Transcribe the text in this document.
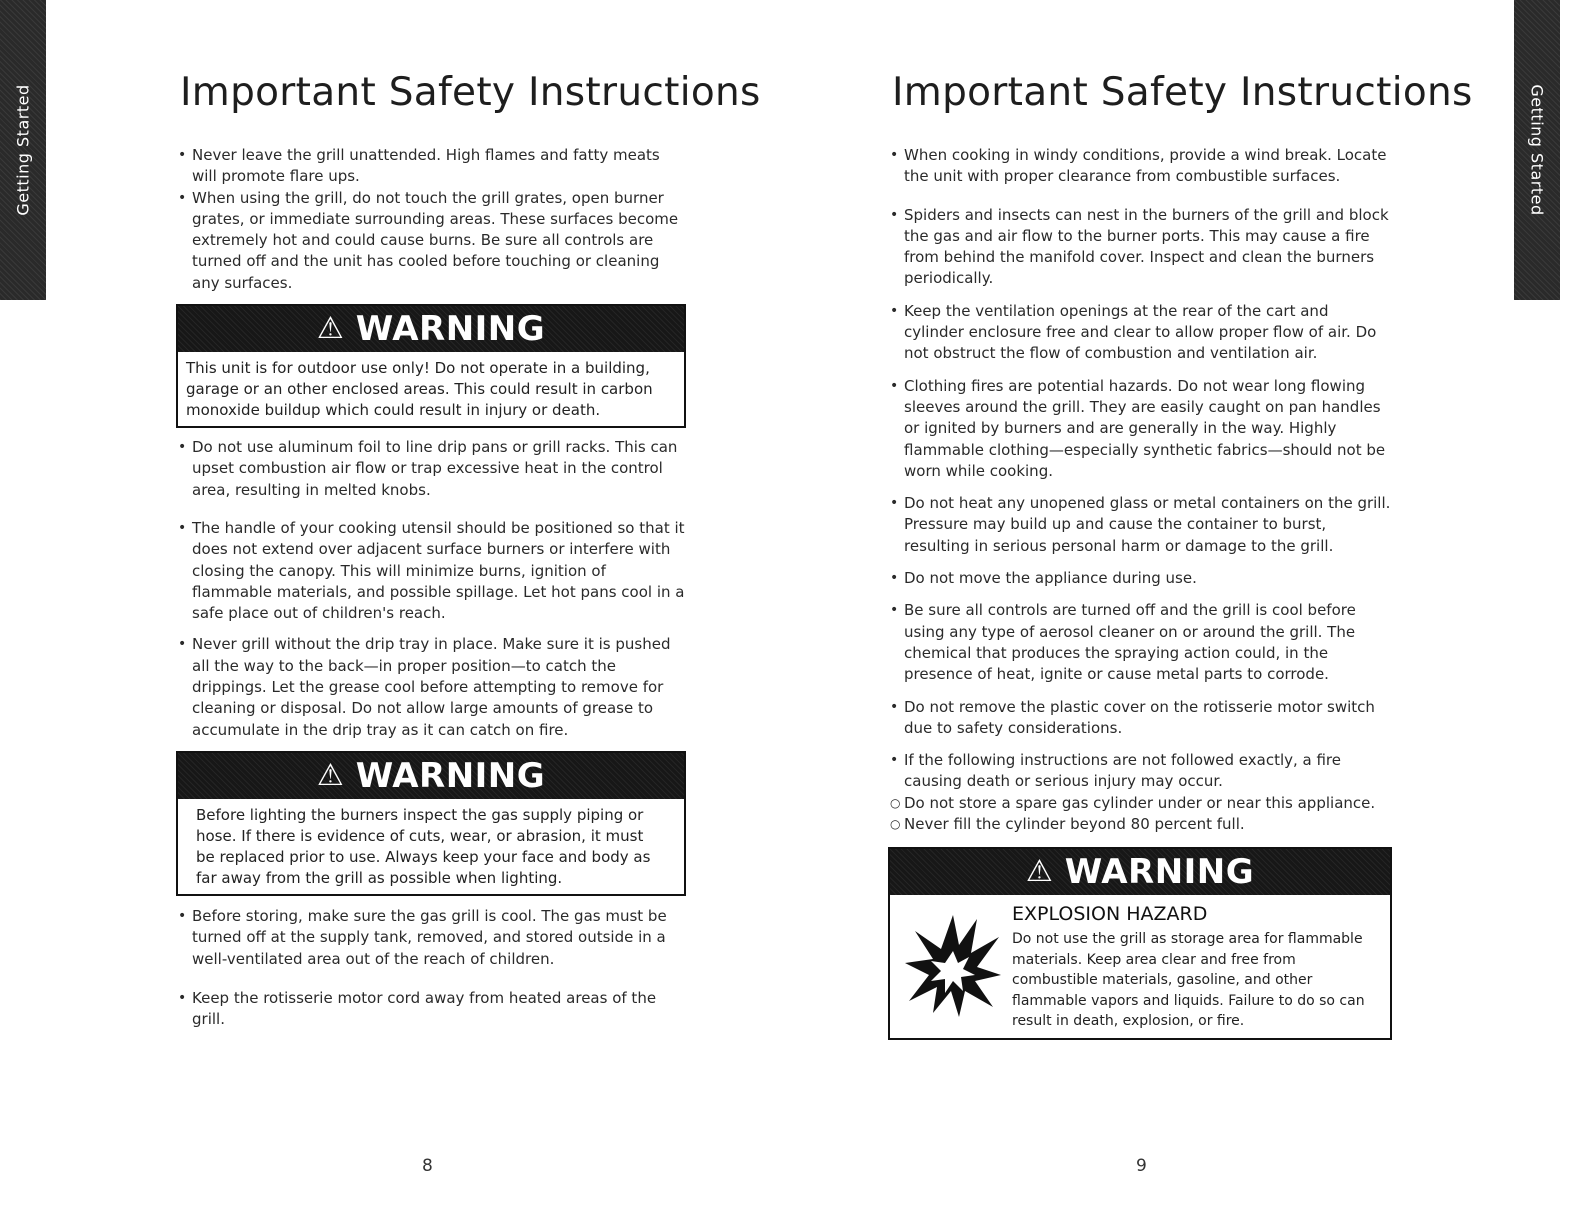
Getting Started	Important Safety Instructions
• Never leave the grill unattended. High flames and fatty meats will promote flare ups.
• When using the grill, do not touch the grill grates, open burner grates, or immediate surrounding areas. These surfaces become extremely hot and could cause burns. Be sure all controls are turned off and the unit has cooled before touching or cleaning any surfaces.
⚠ WARNING
This unit is for outdoor use only! Do not operate in a building, garage or an other enclosed areas. This could result in carbon monoxide buildup which could result in injury or death.
• Do not use aluminum foil to line drip pans or grill racks. This can upset combustion air flow or trap excessive heat in the control area, resulting in melted knobs.
• The handle of your cooking utensil should be positioned so that it does not extend over adjacent surface burners or interfere with closing the canopy. This will minimize burns, ignition of flammable materials, and possible spillage. Let hot pans cool in a safe place out of children's reach.
• Never grill without the drip tray in place. Make sure it is pushed all the way to the back—in proper position—to catch the drippings. Let the grease cool before attempting to remove for cleaning or disposal. Do not allow large amounts of grease to accumulate in the drip tray as it can catch on fire.
⚠ WARNING
Before lighting the burners inspect the gas supply piping or hose. If there is evidence of cuts, wear, or abrasion, it must be replaced prior to use. Always keep your face and body as far away from the grill as possible when lighting.
• Before storing, make sure the gas grill is cool. The gas must be turned off at the supply tank, removed, and stored outside in a well-ventilated area out of the reach of children.
• Keep the rotisserie motor cord away from heated areas of the grill.
8
Getting Started
Important Safety Instructions
• When cooking in windy conditions, provide a wind break. Locate the unit with proper clearance from combustible surfaces.
• Spiders and insects can nest in the burners of the grill and block the gas and air flow to the burner ports. This may cause a fire from behind the manifold cover. Inspect and clean the burners periodically.
• Keep the ventilation openings at the rear of the cart and cylinder enclosure free and clear to allow proper flow of air. Do not obstruct the flow of combustion and ventilation air.
• Clothing fires are potential hazards. Do not wear long flowing sleeves around the grill. They are easily caught on pan handles or ignited by burners and are generally in the way. Highly flammable clothing—especially synthetic fabrics—should not be worn while cooking.
• Do not heat any unopened glass or metal containers on the grill. Pressure may build up and cause the container to burst, resulting in serious personal harm or damage to the grill.
• Do not move the appliance during use.
• Be sure all controls are turned off and the grill is cool before using any type of aerosol cleaner on or around the grill. The chemical that produces the spraying action could, in the presence of heat, ignite or cause metal parts to corrode.
• Do not remove the plastic cover on the rotisserie motor switch due to safety considerations.
• If the following instructions are not followed exactly, a fire causing death or serious injury may occur.
○ Do not store a spare gas cylinder under or near this appliance.
○ Never fill the cylinder beyond 80 percent full.
⚠ WARNING
EXPLOSION HAZARD
Do not use the grill as storage area for flammable materials. Keep area clear and free from combustible materials, gasoline, and other flammable vapors and liquids. Failure to do so can result in death, explosion, or fire.
9
